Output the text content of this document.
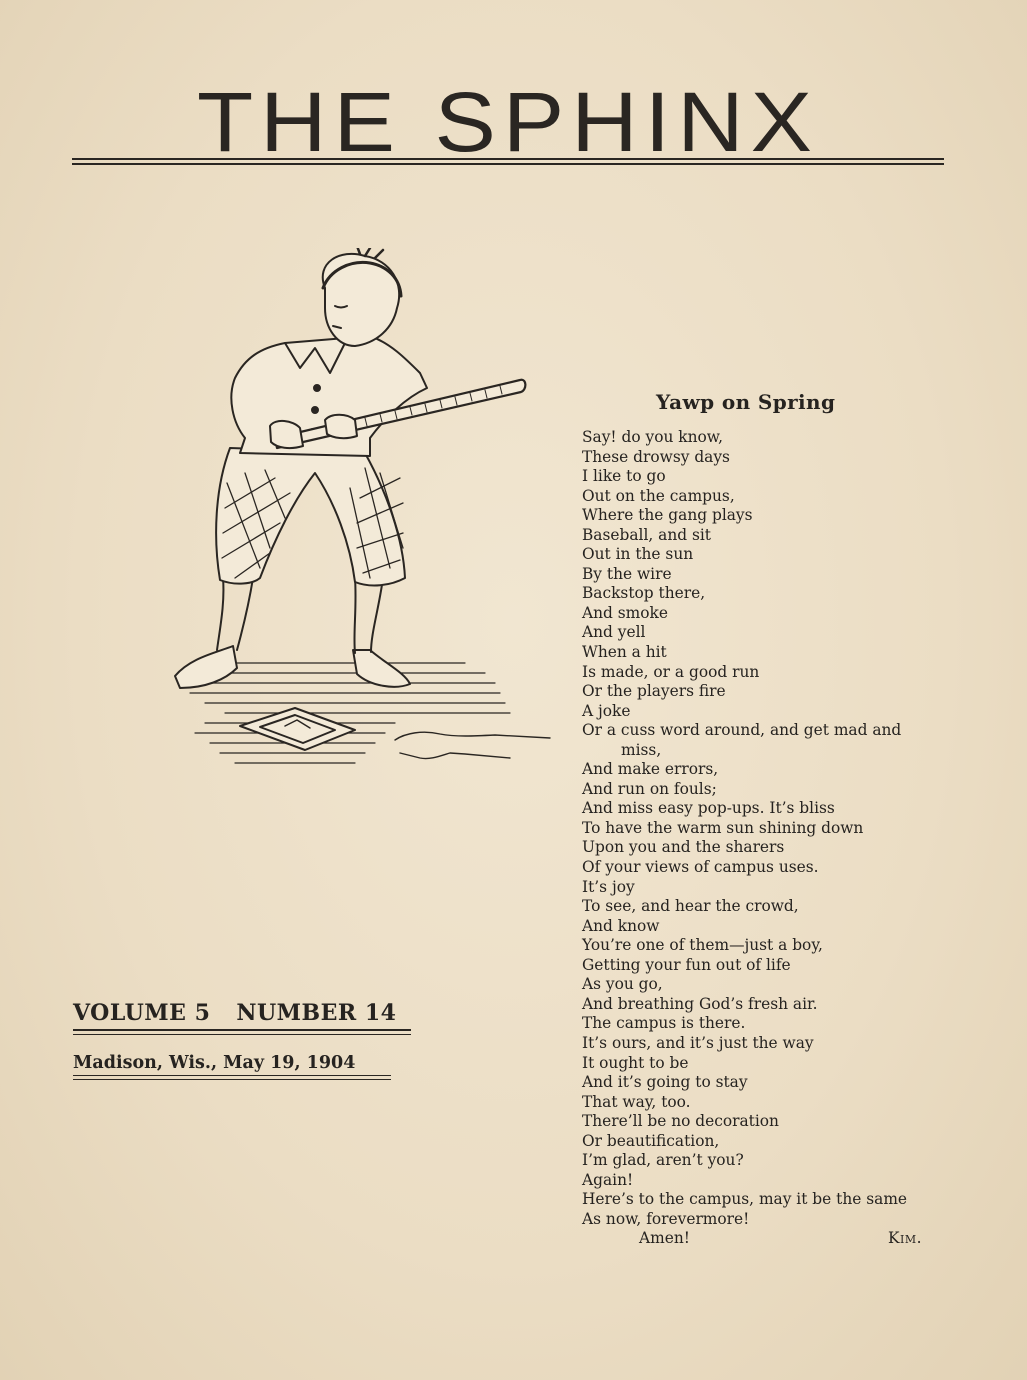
THE SPHINX
VOLUME 5 NUMBER 14
Madison, Wis., May 19, 1904
Yawp on Spring
Say! do you know,
These drowsy days
I like to go
Out on the campus,
Where the gang plays
Baseball, and sit
Out in the sun
By the wire
Backstop there,
And smoke
And yell
When a hit
Is made, or a good run
Or the players fire
A joke
Or a cuss word around, and get mad and
miss,
And make errors,
And run on fouls;
And miss easy pop-ups. It’s bliss
To have the warm sun shining down
Upon you and the sharers
Of your views of campus uses.
It’s joy
To see, and hear the crowd,
And know
You’re one of them—just a boy,
Getting your fun out of life
As you go,
And breathing God’s fresh air.
The campus is there.
It’s ours, and it’s just the way
It ought to be
And it’s going to stay
That way, too.
There’ll be no decoration
Or beautification,
I’m glad, aren’t you?
Again!
Here’s to the campus, may it be the same
As now, forevermore!
Amen!	Kim.
